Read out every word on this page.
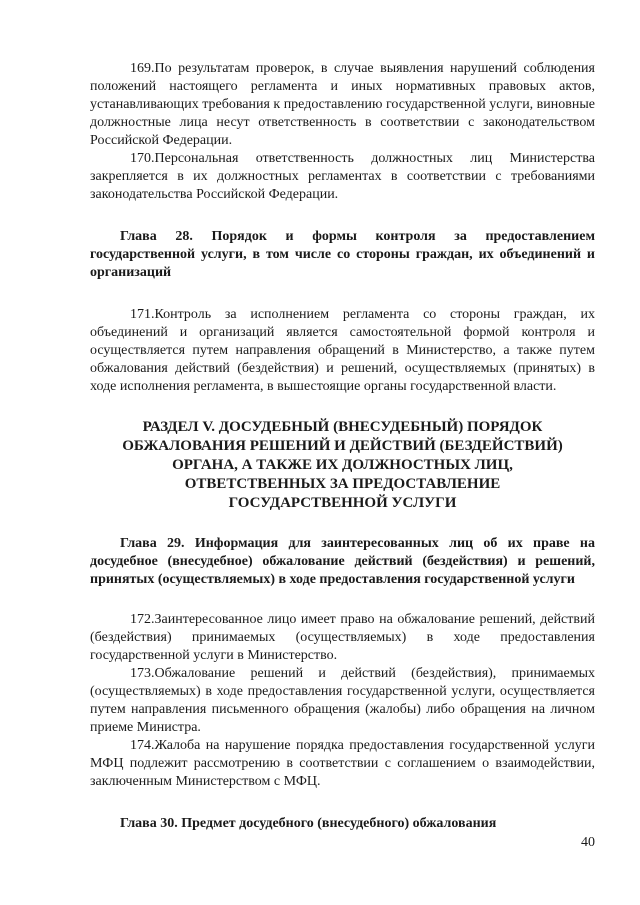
169.По результатам проверок, в случае выявления нарушений соблюдения положений настоящего регламента и иных нормативных правовых актов, устанавливающих требования к предоставлению государственной услуги, виновные должностные лица несут ответственность в соответствии с законодательством Российской Федерации.

170.Персональная ответственность должностных лиц Министерства закрепляется в их должностных регламентах в соответствии с требованиями законодательства Российской Федерации.

Глава 28. Порядок и формы контроля за предоставлением государственной услуги, в том числе со стороны граждан, их объединений и организаций

171.Контроль за исполнением регламента со стороны граждан, их объединений и организаций является самостоятельной формой контроля и осуществляется путем направления обращений в Министерство, а также путем обжалования действий (бездействия) и решений, осуществляемых (принятых) в ходе исполнения регламента, в вышестоящие органы государственной власти.

РАЗДЕЛ V. ДОСУДЕБНЫЙ (ВНЕСУДЕБНЫЙ) ПОРЯДОК ОБЖАЛОВАНИЯ РЕШЕНИЙ И ДЕЙСТВИЙ (БЕЗДЕЙСТВИЙ) ОРГАНА, А ТАКЖЕ ИХ ДОЛЖНОСТНЫХ ЛИЦ, ОТВЕТСТВЕННЫХ ЗА ПРЕДОСТАВЛЕНИЕ ГОСУДАРСТВЕННОЙ УСЛУГИ

Глава 29. Информация для заинтересованных лиц об их праве на досудебное (внесудебное) обжалование действий (бездействия) и решений, принятых (осуществляемых) в ходе предоставления государственной услуги

172.Заинтересованное лицо имеет право на обжалование решений, действий (бездействия) принимаемых (осуществляемых) в ходе предоставления государственной услуги в Министерство.

173.Обжалование решений и действий (бездействия), принимаемых (осуществляемых) в ходе предоставления государственной услуги, осуществляется путем направления письменного обращения (жалобы) либо обращения на личном приеме Министра.

174.Жалоба на нарушение порядка предоставления государственной услуги МФЦ подлежит рассмотрению в соответствии с соглашением о взаимодействии, заключенным Министерством с МФЦ.

Глава 30. Предмет досудебного (внесудебного) обжалования

40
